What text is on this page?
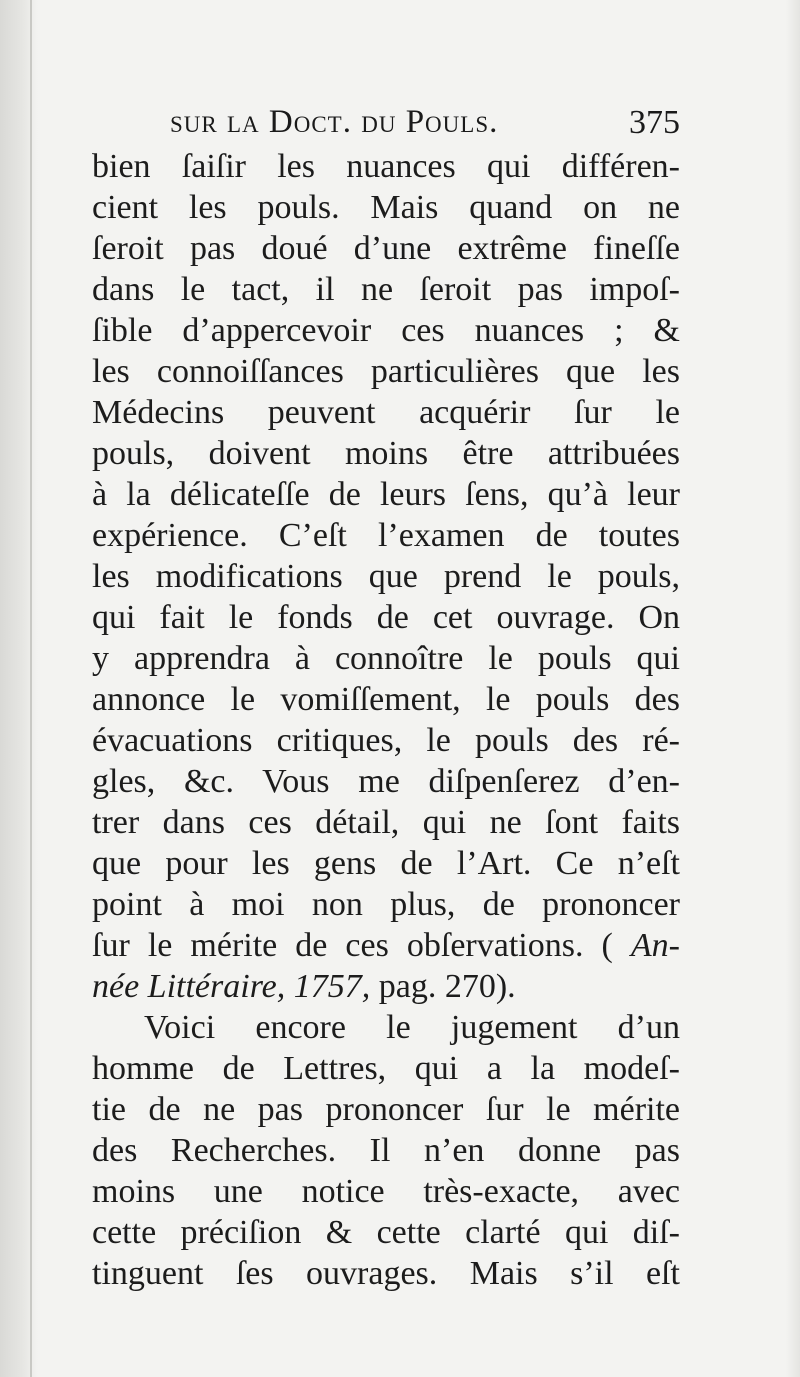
sur la Doct. du Pouls.	375
bien ſaiſir les nuances qui différen-
cient les pouls. Mais quand on ne
ſeroit pas doué d’une extrême fineſſe
dans le tact, il ne ſeroit pas impoſ-
ſible d’appercevoir ces nuances ; &
les connoiſſances particulières que les
Médecins peuvent acquérir ſur le
pouls, doivent moins être attribuées
à la délicateſſe de leurs ſens, qu’à leur
expérience. C’eſt l’examen de toutes
les modifications que prend le pouls,
qui fait le fonds de cet ouvrage. On
y apprendra à connoître le pouls qui
annonce le vomiſſement, le pouls des
évacuations critiques, le pouls des ré-
gles, &c. Vous me diſpenſerez d’en-
trer dans ces détail, qui ne ſont faits
que pour les gens de l’Art. Ce n’eſt
point à moi non plus, de prononcer
ſur le mérite de ces obſervations. ( An-
née Littéraire, 1757, pag. 270).
Voici encore le jugement d’un
homme de Lettres, qui a la modeſ-
tie de ne pas prononcer ſur le mérite
des Recherches. Il n’en donne pas
moins une notice très-exacte, avec
cette préciſion & cette clarté qui diſ-
tinguent ſes ouvrages. Mais s’il eſt
